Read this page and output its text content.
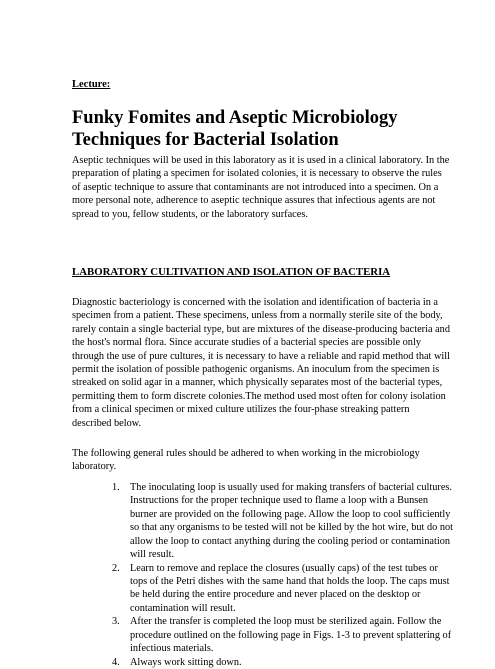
Lecture:
Funky Fomites and Aseptic Microbiology Techniques for Bacterial Isolation

Aseptic techniques will be used in this laboratory as it is used in a clinical laboratory. In the preparation of plating a specimen for isolated colonies, it is necessary to observe the rules of aseptic technique to assure that contaminants are not introduced into a specimen. On a more personal note, adherence to aseptic technique assures that infectious agents are not spread to you, fellow students, or the laboratory surfaces.

LABORATORY CULTIVATION AND ISOLATION OF BACTERIA

Diagnostic bacteriology is concerned with the isolation and identification of bacteria in a specimen from a patient. These specimens, unless from a normally sterile site of the body, rarely contain a single bacterial type, but are mixtures of the disease-producing bacteria and the host's normal flora. Since accurate studies of a bacterial species are possible only through the use of pure cultures, it is necessary to have a reliable and rapid method that will permit the isolation of possible pathogenic organisms. An inoculum from the specimen is streaked on solid agar in a manner, which physically separates most of the bacterial types, permitting them to form discrete colonies.The method used most often for colony isolation from a clinical specimen or mixed culture utilizes the four-phase streaking pattern described below.

The following general rules should be adhered to when working in the microbiology laboratory.

1. The inoculating loop is usually used for making transfers of bacterial cultures. Instructions for the proper technique used to flame a loop with a Bunsen burner are provided on the following page. Allow the loop to cool sufficiently so that any organisms to be tested will not be killed by the hot wire, but do not allow the loop to contact anything during the cooling period or contamination will result.
2. Learn to remove and replace the closures (usually caps) of the test tubes or tops of the Petri dishes with the same hand that holds the loop. The caps must be held during the entire procedure and never placed on the desktop or contamination will result.
3. After the transfer is completed the loop must be sterilized again. Follow the procedure outlined on the following page in Figs. 1-3 to prevent splattering of infectious materials.
4. Always work sitting down.
